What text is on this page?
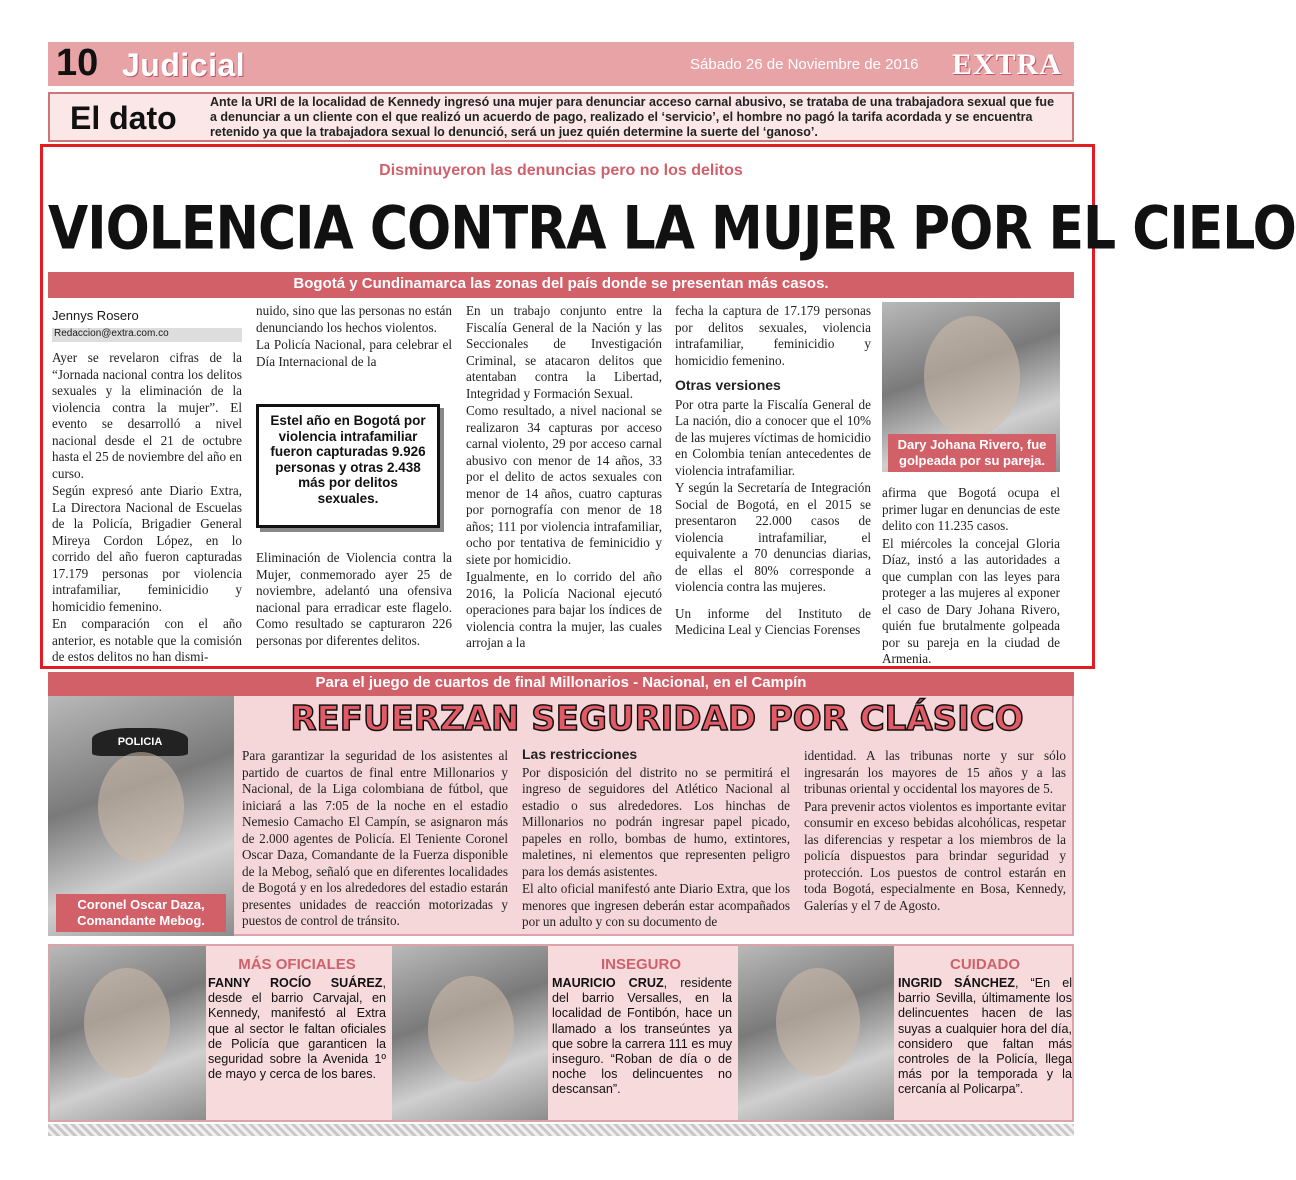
10 Judicial	Sábado 26 de Noviembre de 2016 EXTRA
El dato	Ante la URI de la localidad de Kennedy ingresó una mujer para denunciar acceso carnal abusivo, se trataba de una trabajadora sexual que fue a denunciar a un cliente con el que realizó un acuerdo de pago, realizado el ‘servicio’, el hombre no pagó la tarifa acordada y se encuentra retenido ya que la trabajadora sexual lo denunció, será un juez quién determine la suerte del ‘ganoso’.
Disminuyeron las denuncias pero no los delitos
VIOLENCIA CONTRA LA MUJER POR EL CIELO
Bogotá y Cundinamarca las zonas del país donde se presentan más casos.
Jennys Rosero
Redaccion@extra.com.co

Ayer se revelaron cifras de la “Jornada nacional contra los delitos sexuales y la eliminación de la violencia contra la mujer”. El evento se desarrolló a nivel nacional desde el 21 de octubre hasta el 25 de noviembre del año en curso.

Según expresó ante Diario Extra, La Directora Nacional de Escuelas de la Policía, Brigadier General Mireya Cordon López, en lo corrido del año fueron capturadas 17.179 personas por violencia intrafamiliar, feminicidio y homicidio femenino.

En comparación con el año anterior, es notable que la comisión de estos delitos no han dismi-

nuido, sino que las personas no están denunciando los hechos violentos.

La Policía Nacional, para celebrar el Día Internacional de la

Estel año en Bogotá por violencia intrafamiliar fueron capturadas 9.926 personas y otras 2.438 más por delitos sexuales.

Eliminación de Violencia contra la Mujer, conmemorado ayer 25 de noviembre, adelantó una ofensiva nacional para erradicar este flagelo. Como resultado se capturaron 226 personas por diferentes delitos.

En un trabajo conjunto entre la Fiscalía General de la Nación y las Seccionales de Investigación Criminal, se atacaron delitos que atentaban contra la Libertad, Integridad y Formación Sexual.

Como resultado, a nivel nacional se realizaron 34 capturas por acceso carnal violento, 29 por acceso carnal abusivo con menor de 14 años, 33 por el delito de actos sexuales con menor de 14 años, cuatro capturas por pornografía con menor de 18 años; 111 por violencia intrafamiliar, ocho por tentativa de feminicidio y siete por homicidio.

Igualmente, en lo corrido del año 2016, la Policía Nacional ejecutó operaciones para bajar los índices de violencia contra la mujer, las cuales arrojan a la

fecha la captura de 17.179 personas por delitos sexuales, violencia intrafamiliar, feminicidio y homicidio femenino.

Otras versiones

Por otra parte la Fiscalía General de La nación, dio a conocer que el 10% de las mujeres víctimas de homicidio en Colombia tenían antecedentes de violencia intrafamiliar.

Y según la Secretaría de Integración Social de Bogotá, en el 2015 se presentaron 22.000 casos de violencia intrafamiliar, el equivalente a 70 denuncias diarias, de ellas el 80% corresponde a violencia contra las mujeres.

Un informe del Instituto de Medicina Leal y Ciencias Forenses

Dary Johana Rivero, fue golpeada por su pareja.

afirma que Bogotá ocupa el primer lugar en denuncias de este delito con 11.235 casos.

El miércoles la concejal Gloria Díaz, instó a las autoridades a que cumplan con las leyes para proteger a las mujeres al exponer el caso de Dary Johana Rivero, quién fue brutalmente golpeada por su pareja en la ciudad de Armenia.

Para el juego de cuartos de final Millonarios - Nacional, en el Campín
POLICIA
Coronel Oscar Daza, Comandante Mebog.
REFUERZAN SEGURIDAD POR CLÁSICO

Para garantizar la seguridad de los asistentes al partido de cuartos de final entre Millonarios y Nacional, de la Liga colombiana de fútbol, que iniciará a las 7:05 de la noche en el estadio Nemesio Camacho El Campín, se asignaron más de 2.000 agentes de Policía. El Teniente Coronel Oscar Daza, Comandante de la Fuerza disponible de la Mebog, señaló que en diferentes localidades de Bogotá y en los alrededores del estadio estarán presentes unidades de reacción motorizadas y puestos de control de tránsito.

Las restricciones

Por disposición del distrito no se permitirá el ingreso de seguidores del Atlético Nacional al estadio o sus alrededores. Los hinchas de Millonarios no podrán ingresar papel picado, papeles en rollo, bombas de humo, extintores, maletines, ni elementos que representen peligro para los demás asistentes.

El alto oficial manifestó ante Diario Extra, que los menores que ingresen deberán estar acompañados por un adulto y con su documento de

identidad. A las tribunas norte y sur sólo ingresarán los mayores de 15 años y a las tribunas oriental y occidental los mayores de 5.

Para prevenir actos violentos es importante evitar consumir en exceso bebidas alcohólicas, respetar las diferencias y respetar a los miembros de la policía dispuestos para brindar seguridad y protección. Los puestos de control estarán en toda Bogotá, especialmente en Bosa, Kennedy, Galerías y el 7 de Agosto.

MÁS OFICIALES
FANNY ROCÍO SUÁREZ, desde el barrio Carvajal, en Kennedy, manifestó al Extra que al sector le faltan oficiales de Policía que garanticen la seguridad sobre la Avenida 1º de mayo y cerca de los bares.
INSEGURO
MAURICIO CRUZ, residente del barrio Versalles, en la localidad de Fontibón, hace un llamado a los transeúntes ya que sobre la carrera 111 es muy inseguro. “Roban de día o de noche los delincuentes no descansan”.
CUIDADO
INGRID SÁNCHEZ, “En el barrio Sevilla, últimamente los delincuentes hacen de las suyas a cualquier hora del día, considero que faltan más controles de la Policía, llega más por la temporada y la cercanía al Policarpa”.
